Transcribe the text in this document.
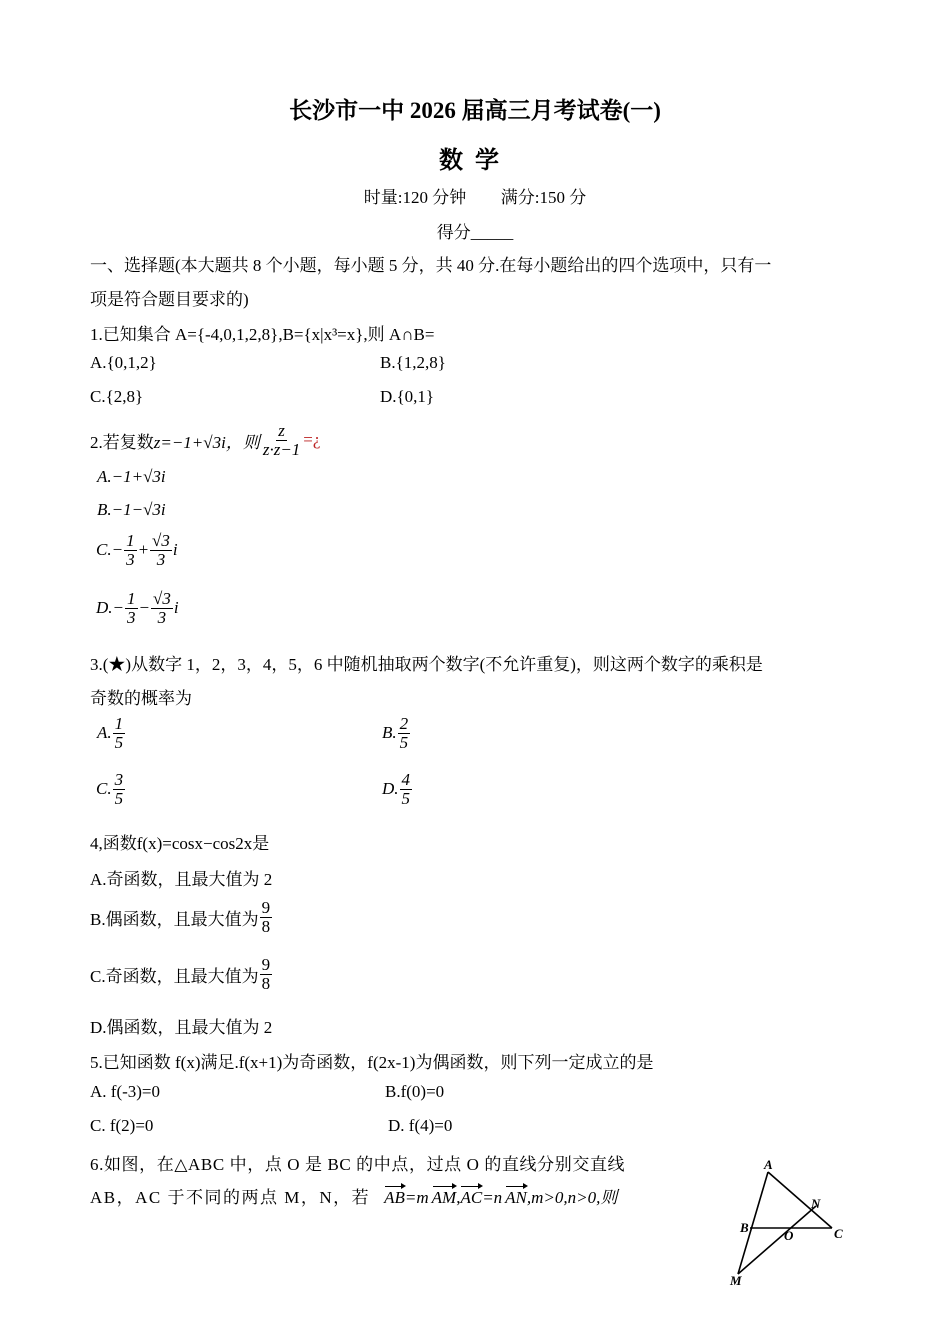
长沙市一中 2026 届高三月考试卷(一)
数学
时量:120 分钟 满分:150 分
得分_____
一、选择题(本大题共 8 个小题，每小题 5 分，共 40 分.在每小题给出的四个选项中，只有一
项是符合题目要求的)
1.已知集合 A={-4,0,1,2,8},B={x|x³=x},则 A∩B=
A.{0,1,2}	B.{1,2,8}
C.{2,8}	D.{0,1}
2.若复数 z=−1+√3i，则 $\frac{z}{z\cdot z-1}$ =¿
A.−1+√3i
B.−1−√3i
$C.- \frac{1}{3} + \frac{√3}{3}$ i
$D.- \frac{1}{3} - \frac{√3}{3}$ i
3.(★)从数字 1，2，3，4，5，6 中随机抽取两个数字(不允许重复)，则这两个数字的乘积是
奇数的概率为
A. $\frac{1}{5}$	B. $\frac{2}{5}$
C. $\frac{3}{5}$	D. $\frac{4}{5}$
4,函数f(x)=cosx−cos2x是
A.奇函数，且最大值为 2
B.偶函数，且最大值为 $\frac{9}{8}$
C.奇函数，且最大值为 $\frac{9}{8}$
D.偶函数，且最大值为 2
5.已知函数 f(x)满足.f(x+1)为奇函数，f(2x-1)为偶函数，则下列一定成立的是
A. f(-3)=0	B.f(0)=0
C. f(2)=0	D. f(4)=0
6.如图，在△ABC 中，点 O 是 BC 的中点，过点 O 的直线分别交直线
AB，AC 于不同的两点 M，N，若 AB =m AM , AC =n AN ,m>0,n>0,则
A
B	C
N
O
M
